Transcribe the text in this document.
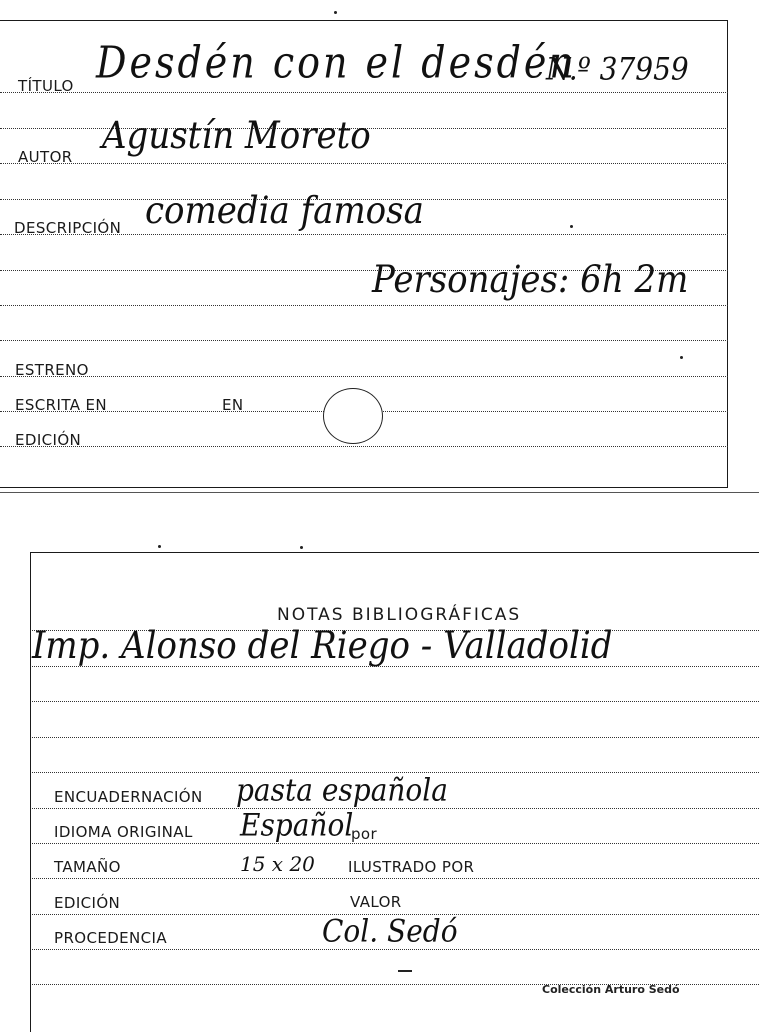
TÍTULO Desdén con el desdén
N.º 37959
AUTOR Agustín Moreto
DESCRIPCIÓN comedia famosa
Personajes: 6h 2m
ESTRENO
ESCRITA EN	EN
EDICIÓN
NOTAS BIBLIOGRÁFICAS
Imp. Alonso del Riego - Valladolid
ENCUADERNACIÓN pasta española
IDIOMA ORIGINAL Español
por
TAMAÑO	15 x 20 ILUSTRADO POR
EDICIÓN	VALOR
PROCEDENCIA	Col. Sedó
Colección Arturo Sedó
